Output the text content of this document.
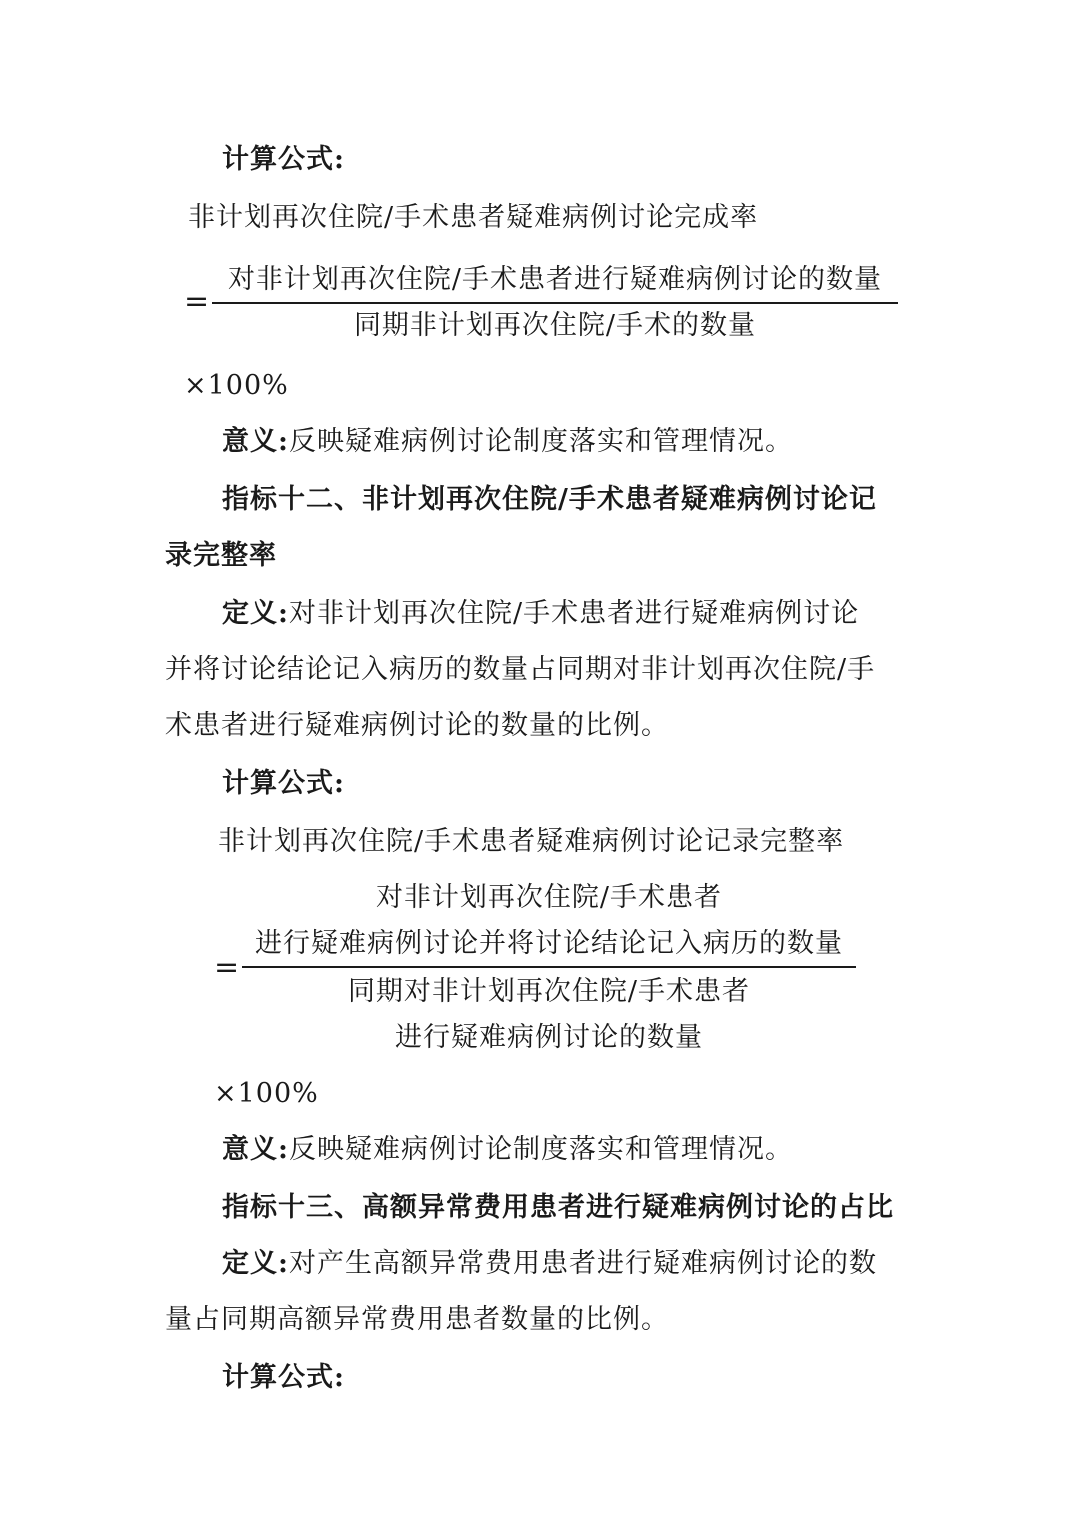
计算公式:
非计划再次住院/手术患者疑难病例讨论完成率
=
对非计划再次住院/手术患者进行疑难病例讨论的数量
同期非计划再次住院/手术的数量
×100%
意义:反映疑难病例讨论制度落实和管理情况。
指标十二、非计划再次住院/手术患者疑难病例讨论记
录完整率
定义:对非计划再次住院/手术患者进行疑难病例讨论
并将讨论结论记入病历的数量占同期对非计划再次住院/手
术患者进行疑难病例讨论的数量的比例。
计算公式:
非计划再次住院/手术患者疑难病例讨论记录完整率
=
对非计划再次住院/手术患者
进行疑难病例讨论并将讨论结论记入病历的数量
同期对非计划再次住院/手术患者
进行疑难病例讨论的数量
×100%
意义:反映疑难病例讨论制度落实和管理情况。
指标十三、高额异常费用患者进行疑难病例讨论的占比
定义:对产生高额异常费用患者进行疑难病例讨论的数
量占同期高额异常费用患者数量的比例。
计算公式:
